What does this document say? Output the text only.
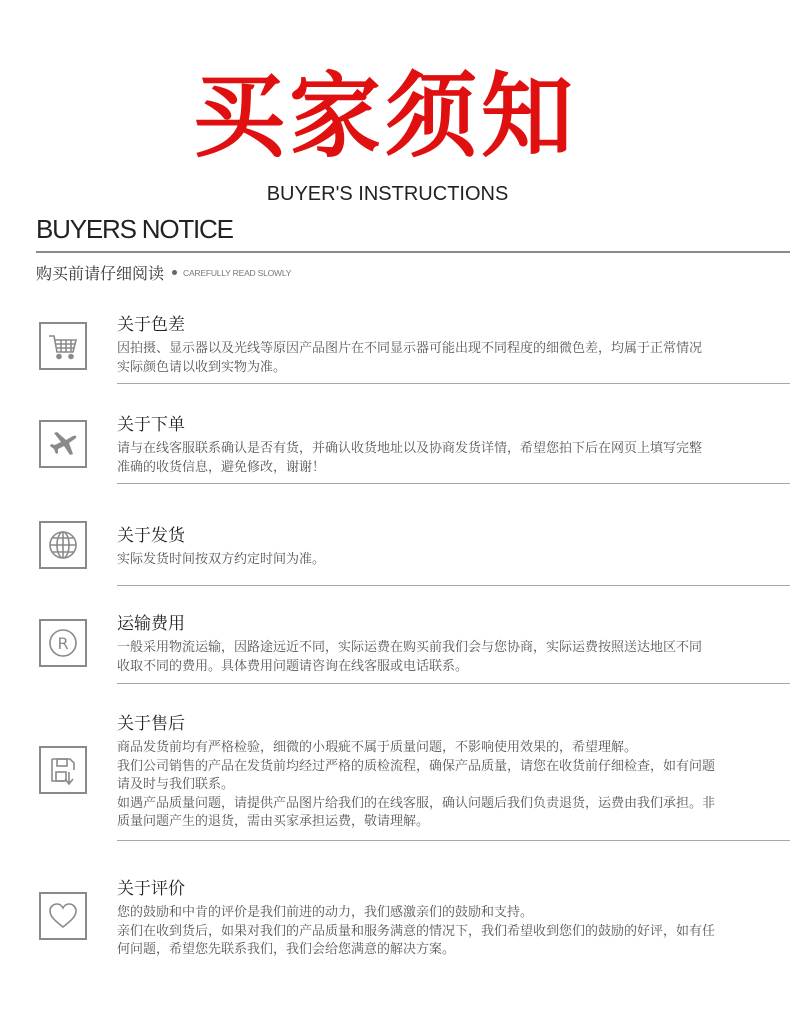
买家须知
BUYER'S INSTRUCTIONS
BUYERS NOTICE
购买前请仔细阅读 CAREFULLY READ SLOWLY
关于色差

因拍摄、显示器以及光线等原因产品图片在不同显示器可能出现不同程度的细微色差，均属于正常情况

实际颜色请以收到实物为准。

关于下单

请与在线客服联系确认是否有货，并确认收货地址以及协商发货详情，希望您拍下后在网页上填写完整

准确的收货信息，避免修改，谢谢！

关于发货

实际发货时间按双方约定时间为准。

R
运输费用

一般采用物流运输，因路途远近不同，实际运费在购买前我们会与您协商，实际运费按照送达地区不同

收取不同的费用。具体费用问题请咨询在线客服或电话联系。

关于售后

商品发货前均有严格检验，细微的小瑕疵不属于质量问题，不影响使用效果的，希望理解。

我们公司销售的产品在发货前均经过严格的质检流程，确保产品质量，请您在收货前仔细检查，如有问题

请及时与我们联系。

如遇产品质量问题，请提供产品图片给我们的在线客服，确认问题后我们负责退货，运费由我们承担。非

质量问题产生的退货，需由买家承担运费，敬请理解。

关于评价

您的鼓励和中肯的评价是我们前进的动力，我们感激亲们的鼓励和支持。

亲们在收到货后，如果对我们的产品质量和服务满意的情况下，我们希望收到您们的鼓励的好评，如有任

何问题，希望您先联系我们，我们会给您满意的解决方案。
